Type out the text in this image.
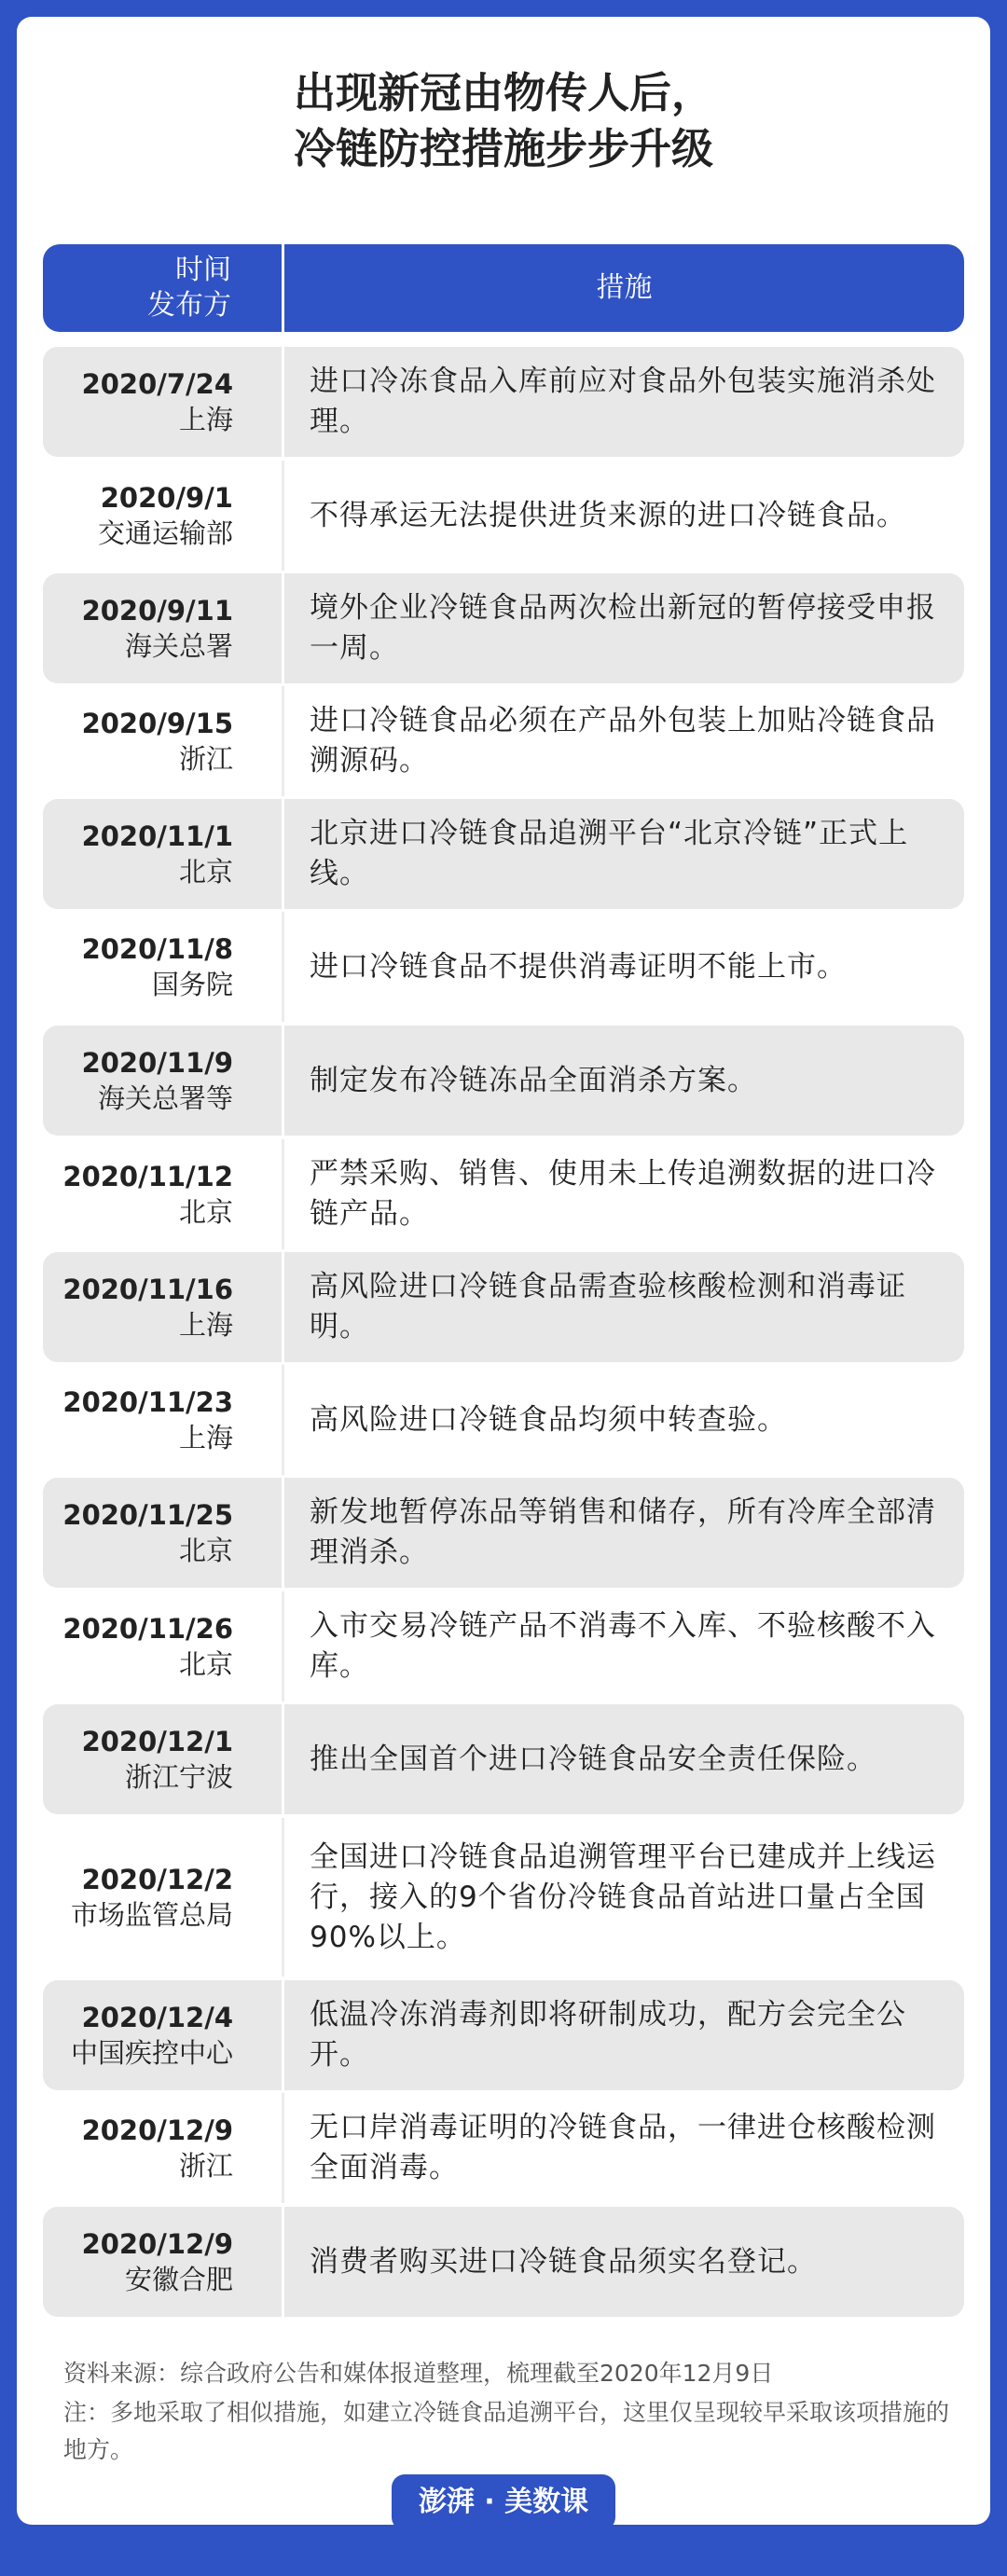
出现新冠由物传人后，
冷链防控措施步步升级
时间
发布方
措施
2020/7/24
上海
进口冷冻食品入库前应对食品外包装实施消杀处理。
2020/9/1
交通运输部
不得承运无法提供进货来源的进口冷链食品。
2020/9/11
海关总署
境外企业冷链食品两次检出新冠的暂停接受申报一周。
2020/9/15
浙江
进口冷链食品必须在产品外包装上加贴冷链食品溯源码。
2020/11/1
北京
北京进口冷链食品追溯平台“北京冷链”正式上线。
2020/11/8
国务院
进口冷链食品不提供消毒证明不能上市。
2020/11/9
海关总署等
制定发布冷链冻品全面消杀方案。
2020/11/12
北京
严禁采购、销售、使用未上传追溯数据的进口冷链产品。
2020/11/16
上海
高风险进口冷链食品需查验核酸检测和消毒证明。
2020/11/23
上海
高风险进口冷链食品均须中转查验。
2020/11/25
北京
新发地暂停冻品等销售和储存，所有冷库全部清理消杀。
2020/11/26
北京
入市交易冷链产品不消毒不入库、不验核酸不入库。
2020/12/1
浙江宁波
推出全国首个进口冷链食品安全责任保险。
2020/12/2
市场监管总局
全国进口冷链食品追溯管理平台已建成并上线运行，接入的9个省份冷链食品首站进口量占全国90%以上。
2020/12/4
中国疾控中心
低温冷冻消毒剂即将研制成功，配方会完全公开。
2020/12/9
浙江
无口岸消毒证明的冷链食品，一律进仓核酸检测全面消毒。
2020/12/9
安徽合肥
消费者购买进口冷链食品须实名登记。
资料来源：综合政府公告和媒体报道整理，梳理截至2020年12月9日
注：多地采取了相似措施，如建立冷链食品追溯平台，这里仅呈现较早采取该项措施的地方。
澎湃 · 美数课
